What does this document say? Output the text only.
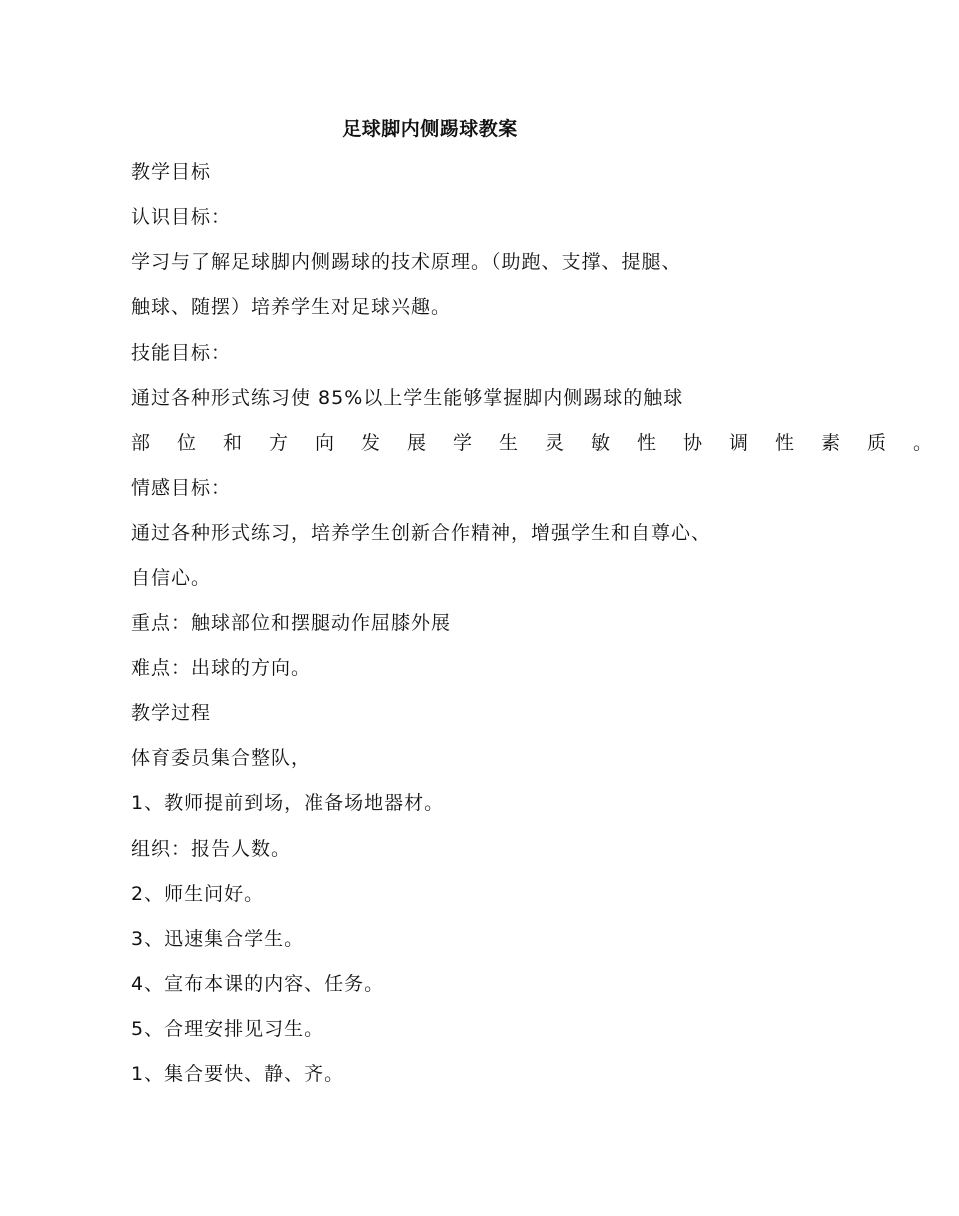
足球脚内侧踢球教案
教学目标
认识目标：
学习与了解足球脚内侧踢球的技术原理。（助跑、支撑、提腿、
触球、随摆）培养学生对足球兴趣。
技能目标：
通过各种形式练习使 85%以上学生能够掌握脚内侧踢球的触球
部位和方向发展学生灵敏性协调性素质。
情感目标：
通过各种形式练习，培养学生创新合作精神，增强学生和自尊心、
自信心。
重点：触球部位和摆腿动作屈膝外展
难点：出球的方向。
教学过程
体育委员集合整队，
1、教师提前到场，准备场地器材。
组织：报告人数。
2、师生问好。
3、迅速集合学生。
4、宣布本课的内容、任务。
5、合理安排见习生。
1、集合要快、静、齐。
